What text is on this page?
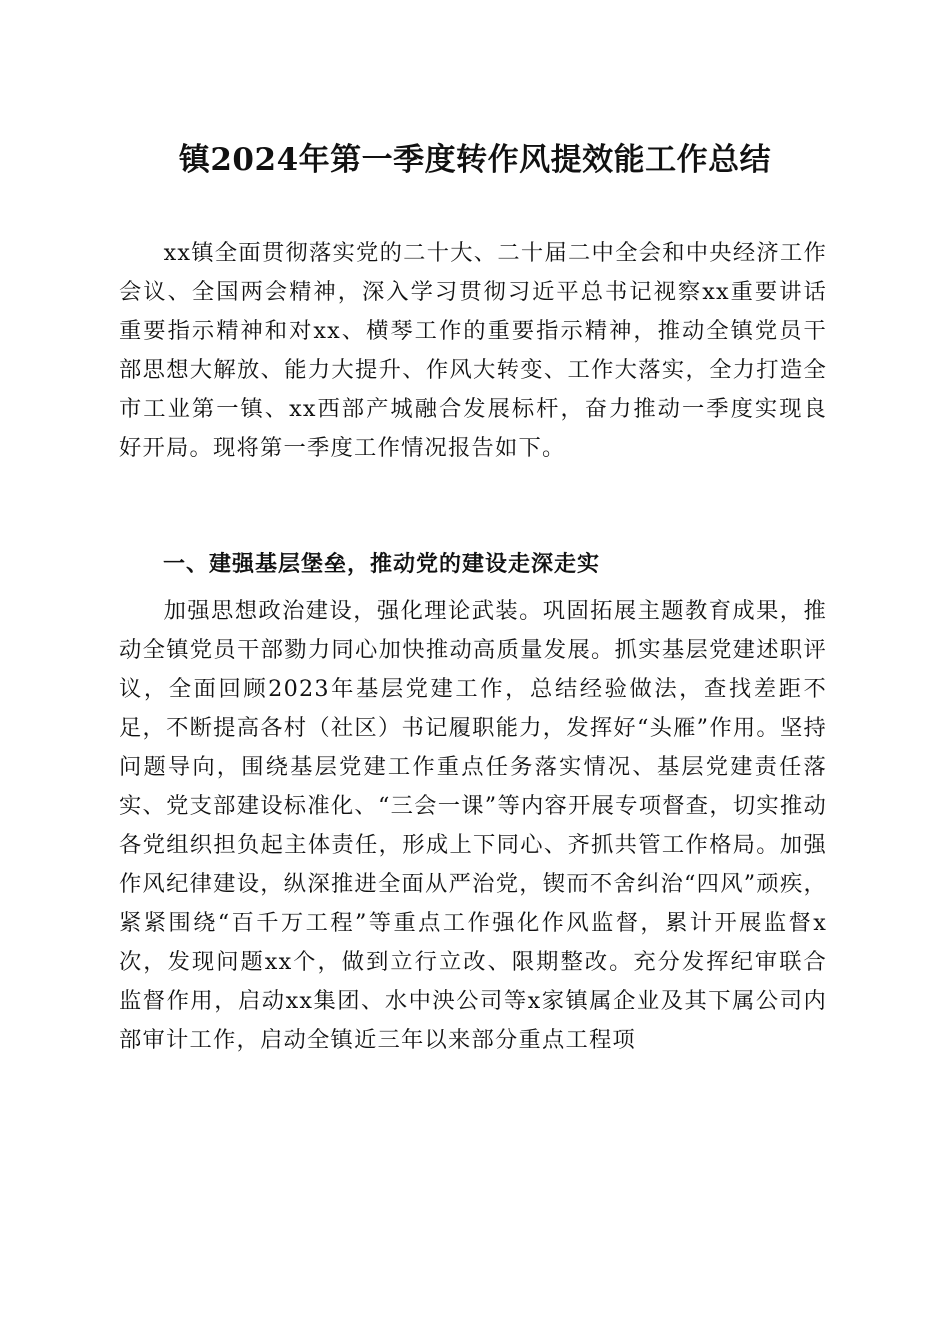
镇2024年第一季度转作风提效能工作总结

xx镇全面贯彻落实党的二十大、二十届二中全会和中央经济工作会议、全国两会精神，深入学习贯彻习近平总书记视察xx重要讲话重要指示精神和对xx、横琴工作的重要指示精神，推动全镇党员干部思想大解放、能力大提升、作风大转变、工作大落实，全力打造全市工业第一镇、xx西部产城融合发展标杆，奋力推动一季度实现良好开局。现将第一季度工作情况报告如下。

一、建强基层堡垒，推动党的建设走深走实

加强思想政治建设，强化理论武装。巩固拓展主题教育成果，推动全镇党员干部勠力同心加快推动高质量发展。抓实基层党建述职评议，全面回顾2023年基层党建工作，总结经验做法，查找差距不足，不断提高各村（社区）书记履职能力，发挥好“头雁”作用。坚持问题导向，围绕基层党建工作重点任务落实情况、基层党建责任落实、党支部建设标准化、“三会一课”等内容开展专项督查，切实推动各党组织担负起主体责任，形成上下同心、齐抓共管工作格局。加强作风纪律建设，纵深推进全面从严治党，锲而不舍纠治“四风”顽疾，紧紧围绕“百千万工程”等重点工作强化作风监督，累计开展监督x次，发现问题xx个，做到立行立改、限期整改。充分发挥纪审联合监督作用，启动xx集团、水中泱公司等x家镇属企业及其下属公司内部审计工作，启动全镇近三年以来部分重点工程项
